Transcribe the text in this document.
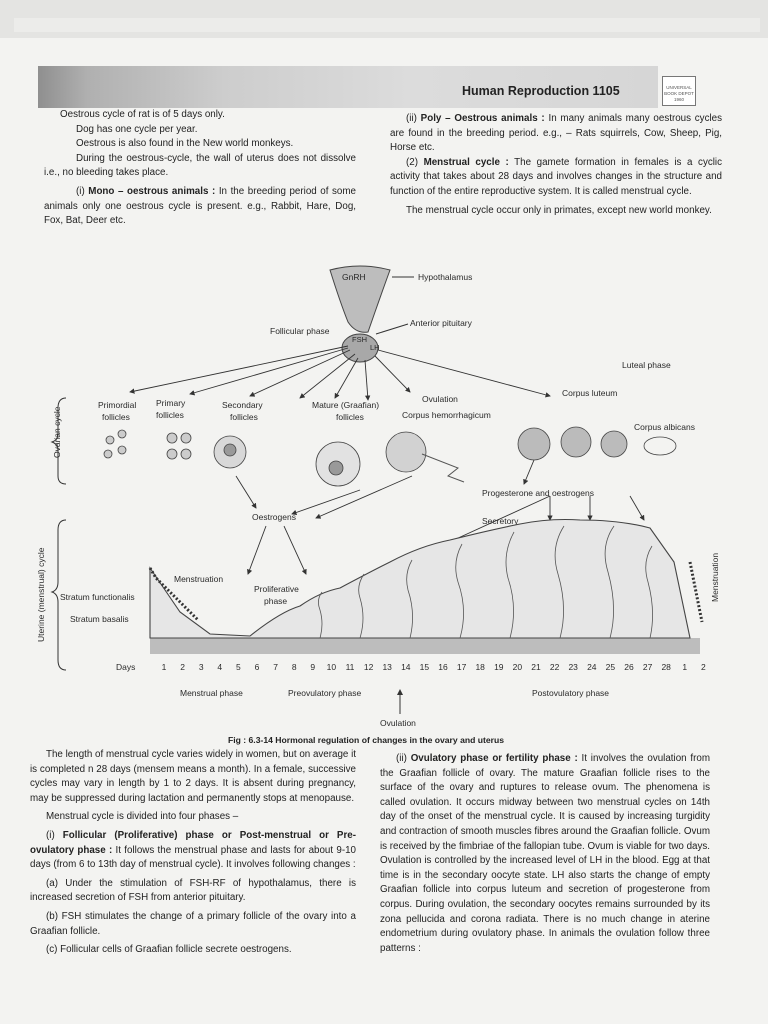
Human Reproduction 1105	UNIVERSAL BOOK DEPOT 1960

Oestrous cycle of rat is of 5 days only.

Dog has one cycle per year.

Oestrous is also found in the New world monkeys.

During the oestrous-cycle, the wall of uterus does not dissolve i.e., no bleeding takes place.

(i) Mono – oestrous animals : In the breeding period of some animals only one oestrous cycle is present. e.g., Rabbit, Hare, Dog, Fox, Bat, Deer etc.

(ii) Poly – Oestrous animals : In many animals many oestrous cycles are found in the breeding period. e.g., – Rats squirrels, Cow, Sheep, Pig, Horse etc.

(2) Menstrual cycle : The gamete formation in females is a cyclic activity that takes about 28 days and involves changes in the structure and function of the entire reproductive system. It is called menstrual cycle.

The menstrual cycle occur only in primates, except new world monkey.

GnRH	Hypothalamus
Anterior pituitary
Follicular phase
FSH
LH
Luteal phase
Primordial
follicles
Primary
follicles
Secondary
follicles
Mature (Graafian)
follicles
Ovulation
Corpus hemorrhagicum
Corpus luteum
Corpus albicans
Ovarian cycle
Oestrogens
Progesterone and oestrogens
Secretory
Menstruation
Proliferative
phase	Menstruation
Uterine (menstrual) cycle Stratum functionalis
Stratum basalis
Days	1 2 3 4 5 6 7 8 9 10 11 12 13 14 15 16 17 18 19 20 21 22 23 24 25 26 27 28 1 2
Menstrual phase	Preovulatory phase	Postovulatory phase
Ovulation
Fig : 6.3-14 Hormonal regulation of changes in the ovary and uterus

The length of menstrual cycle varies widely in women, but on average it is completed n 28 days (mensem means a month). In a female, successive cycles may vary in length by 1 to 2 days. It is absent during pregnancy, may be suppressed during lactation and permanently stops at menopause.

Menstrual cycle is divided into four phases –

(i) Follicular (Proliferative) phase or Post-menstrual or Pre-ovulatory phase : It follows the menstrual phase and lasts for about 9-10 days (from 6 to 13th day of menstrual cycle). It involves following changes :

(a) Under the stimulation of FSH-RF of hypothalamus, there is increased secretion of FSH from anterior pituitary.

(b) FSH stimulates the change of a primary follicle of the ovary into a Graafian follicle.

(c) Follicular cells of Graafian follicle secrete oestrogens.

(ii) Ovulatory phase or fertility phase : It involves the ovulation from the Graafian follicle of ovary. The mature Graafian follicle rises to the surface of the ovary and ruptures to release ovum. The phenomena is called ovulation. It occurs midway between two menstrual cycles on 14th day of the onset of the menstrual cycle. It is caused by increasing turgidity and contraction of smooth muscles fibres around the Graafian follicle. Ovum is received by the fimbriae of the fallopian tube. Ovum is viable for two days. Ovulation is controlled by the increased level of LH in the blood. Egg at that time is in the secondary oocyte state. LH also starts the change of empty Graafian follicle into corpus luteum and secretion of progesterone from corpus. During ovulation, the secondary oocytes remains surrounded by its zona pellucida and corona radiata. There is no much change in aterine endometrium during ovulatory phase. In animals the ovulation follow three patterns :
